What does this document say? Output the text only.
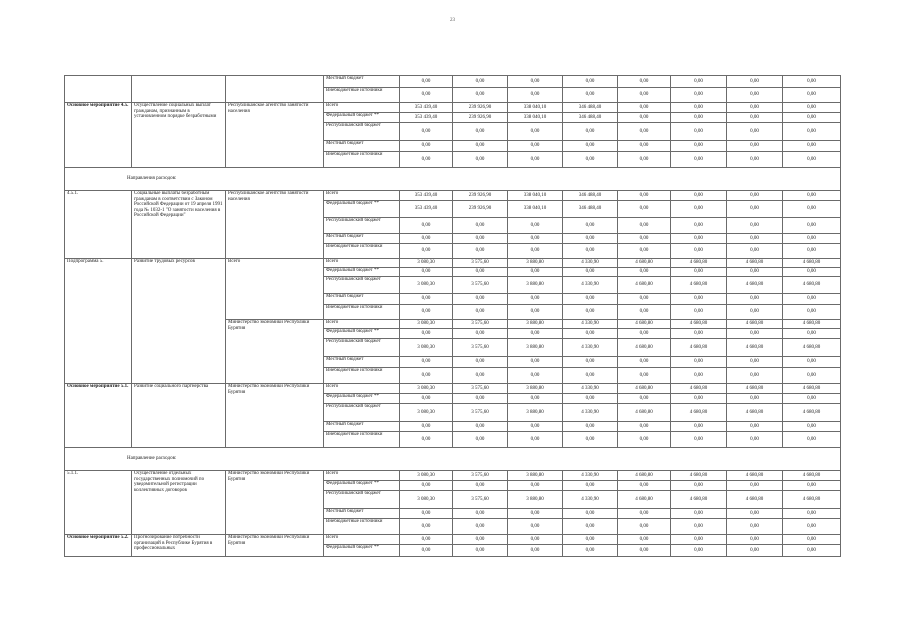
23
			Местный бюджет	0,00	0,00	0,00	0,00	0,00	0,00	0,00	0,00
			Внебюджетные источники	0,00	0,00	0,00	0,00	0,00	0,00	0,00	0,00
Основное мероприятие 4.5.	Осуществление социальных выплат гражданам, признанным в установленном порядке безработными	Республиканское агентство занятости населения	Всего	353 439,40	239 926,90	338 040,10	346 488,40	0,00	0,00	0,00	0,00
			Федеральный бюджет **	353 439,40	239 926,90	338 040,10	346 488,40	0,00	0,00	0,00	0,00
			Республиканский бюджет	0,00	0,00	0,00	0,00	0,00	0,00	0,00	0,00
			Местный бюджет	0,00	0,00	0,00	0,00	0,00	0,00	0,00	0,00
			Внебюджетные источники	0,00	0,00	0,00	0,00	0,00	0,00	0,00	0,00
Направления расходов:											
4.5.1.	Социальные выплаты безработным гражданам в соответствии с Законом Российской Федерации от 19 апреля 1991 года № 1032-1 "О занятости населения в Российской Федерации"	Республиканское агентство занятости населения	Всего	353 439,40	239 926,90	338 040,10	346 488,40	0,00	0,00	0,00	0,00
			Федеральный бюджет **	353 439,40	239 926,90	338 040,10	346 488,40	0,00	0,00	0,00	0,00
			Республиканский бюджет	0,00	0,00	0,00	0,00	0,00	0,00	0,00	0,00
			Местный бюджет	0,00	0,00	0,00	0,00	0,00	0,00	0,00	0,00
			Внебюджетные источники	0,00	0,00	0,00	0,00	0,00	0,00	0,00	0,00
Подпрограмма 5.	Развитие трудовых ресурсов	Всего	Всего	3 080,30	3 575,60	3 880,80	4 330,90	4 680,80	4 680,80	4 680,80	4 680,80
			Федеральный бюджет **	0,00	0,00	0,00	0,00	0,00	0,00	0,00	0,00
			Республиканский бюджет	3 080,30	3 575,60	3 880,80	4 330,90	4 680,80	4 680,80	4 680,80	4 680,80
			Местный бюджет	0,00	0,00	0,00	0,00	0,00	0,00	0,00	0,00
			Внебюджетные источники	0,00	0,00	0,00	0,00	0,00	0,00	0,00	0,00
		Министерство экономики Республики Бурятия	Всего	3 080,30	3 575,60	3 880,80	4 330,90	4 680,80	4 680,80	4 680,80	4 680,80
			Федеральный бюджет **	0,00	0,00	0,00	0,00	0,00	0,00	0,00	0,00
			Республиканский бюджет	3 080,30	3 575,60	3 880,80	4 330,90	4 680,80	4 680,80	4 680,80	4 680,80
			Местный бюджет	0,00	0,00	0,00	0,00	0,00	0,00	0,00	0,00
			Внебюджетные источники	0,00	0,00	0,00	0,00	0,00	0,00	0,00	0,00
Основное мероприятие 5.1.	Развитие социального партнерства	Министерство экономики Республики Бурятия	Всего	3 080,30	3 575,60	3 880,80	4 330,90	4 680,80	4 680,80	4 680,80	4 680,80
			Федеральный бюджет **	0,00	0,00	0,00	0,00	0,00	0,00	0,00	0,00
			Республиканский бюджет	3 080,30	3 575,60	3 880,80	4 330,90	4 680,80	4 680,80	4 680,80	4 680,80
			Местный бюджет	0,00	0,00	0,00	0,00	0,00	0,00	0,00	0,00
			Внебюджетные источники	0,00	0,00	0,00	0,00	0,00	0,00	0,00	0,00
Направление расходов:											
5.1.1.	Осуществление отдельных государственных полномочий по уведомительной регистрации коллективных договоров	Министерство экономики Республики Бурятия	Всего	3 080,30	3 575,60	3 880,80	4 330,90	4 680,80	4 680,80	4 680,80	4 680,80
			Федеральный бюджет **	0,00	0,00	0,00	0,00	0,00	0,00	0,00	0,00
			Республиканский бюджет	3 080,30	3 575,60	3 880,80	4 330,90	4 680,80	4 680,80	4 680,80	4 680,80
			Местный бюджет	0,00	0,00	0,00	0,00	0,00	0,00	0,00	0,00
			Внебюджетные источники	0,00	0,00	0,00	0,00	0,00	0,00	0,00	0,00
Основное мероприятие 5.2.	Прогнозирование потребности организаций в Республике Бурятия в профессиональных	Министерство экономики Республики Бурятия	Всего	0,00	0,00	0,00	0,00	0,00	0,00	0,00	0,00
			Федеральный бюджет **	0,00	0,00	0,00	0,00	0,00	0,00	0,00	0,00
